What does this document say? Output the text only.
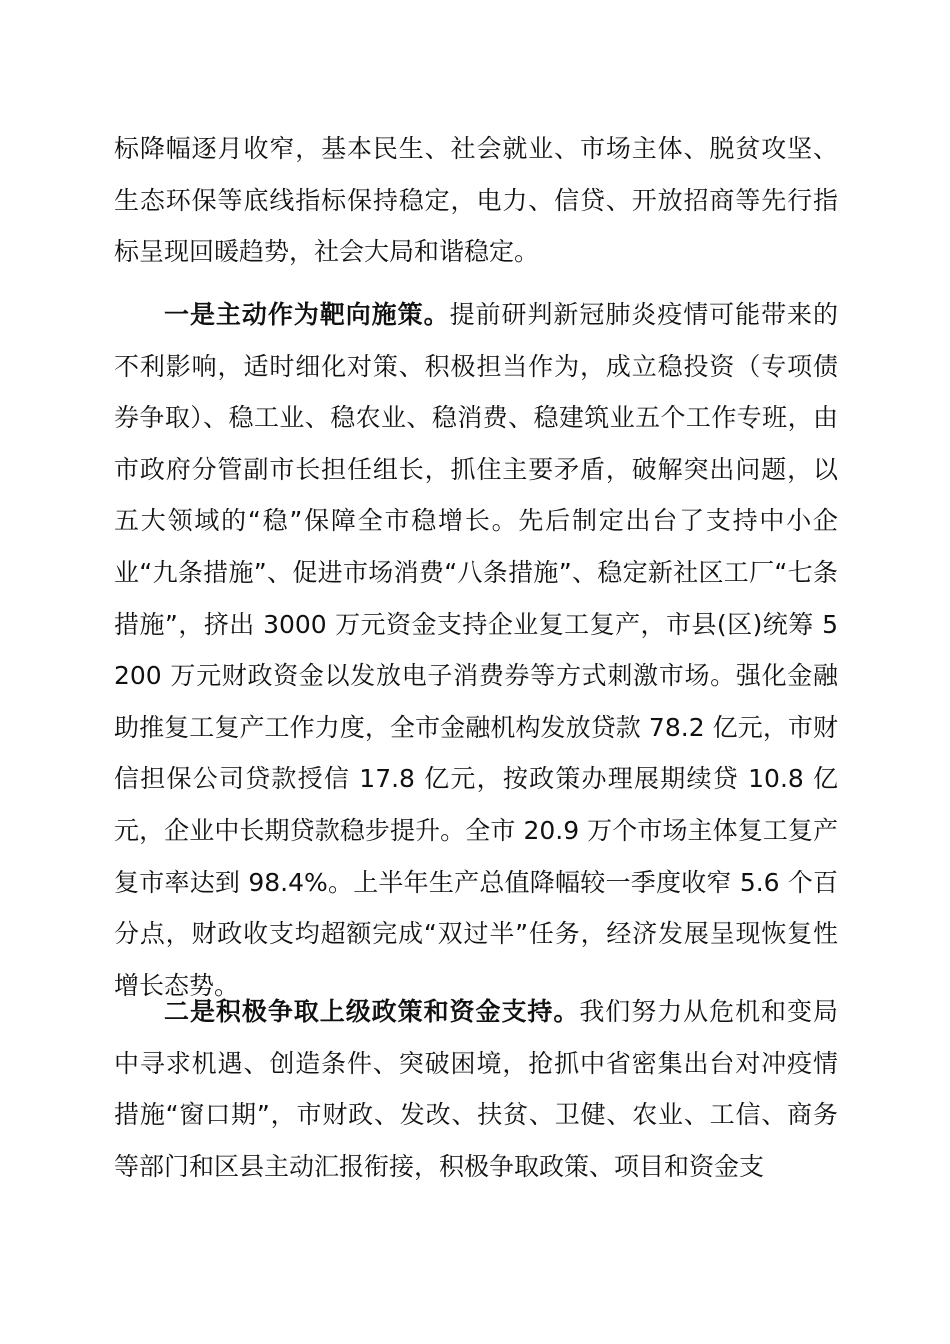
标降幅逐月收窄，基本民生、社会就业、市场主体、脱贫攻坚、生态环保等底线指标保持稳定，电力、信贷、开放招商等先行指标呈现回暖趋势，社会大局和谐稳定。

一是主动作为靶向施策。提前研判新冠肺炎疫情可能带来的不利影响，适时细化对策、积极担当作为，成立稳投资（专项债券争取）、稳工业、稳农业、稳消费、稳建筑业五个工作专班，由市政府分管副市长担任组长，抓住主要矛盾，破解突出问题，以五大领域的“稳”保障全市稳增长。先后制定出台了支持中小企业“九条措施”、促进市场消费“八条措施”、稳定新社区工厂“七条措施”，挤出 3000 万元资金支持企业复工复产，市县(区)统筹 5200 万元财政资金以发放电子消费券等方式刺激市场。强化金融助推复工复产工作力度，全市金融机构发放贷款 78.2 亿元，市财信担保公司贷款授信 17.8 亿元，按政策办理展期续贷 10.8 亿元，企业中长期贷款稳步提升。全市 20.9 万个市场主体复工复产复市率达到 98.4%。上半年生产总值降幅较一季度收窄 5.6 个百分点，财政收支均超额完成“双过半”任务，经济发展呈现恢复性增长态势。

二是积极争取上级政策和资金支持。我们努力从危机和变局中寻求机遇、创造条件、突破困境，抢抓中省密集出台对冲疫情措施“窗口期”，市财政、发改、扶贫、卫健、农业、工信、商务等部门和区县主动汇报衔接，积极争取政策、项目和资金支
